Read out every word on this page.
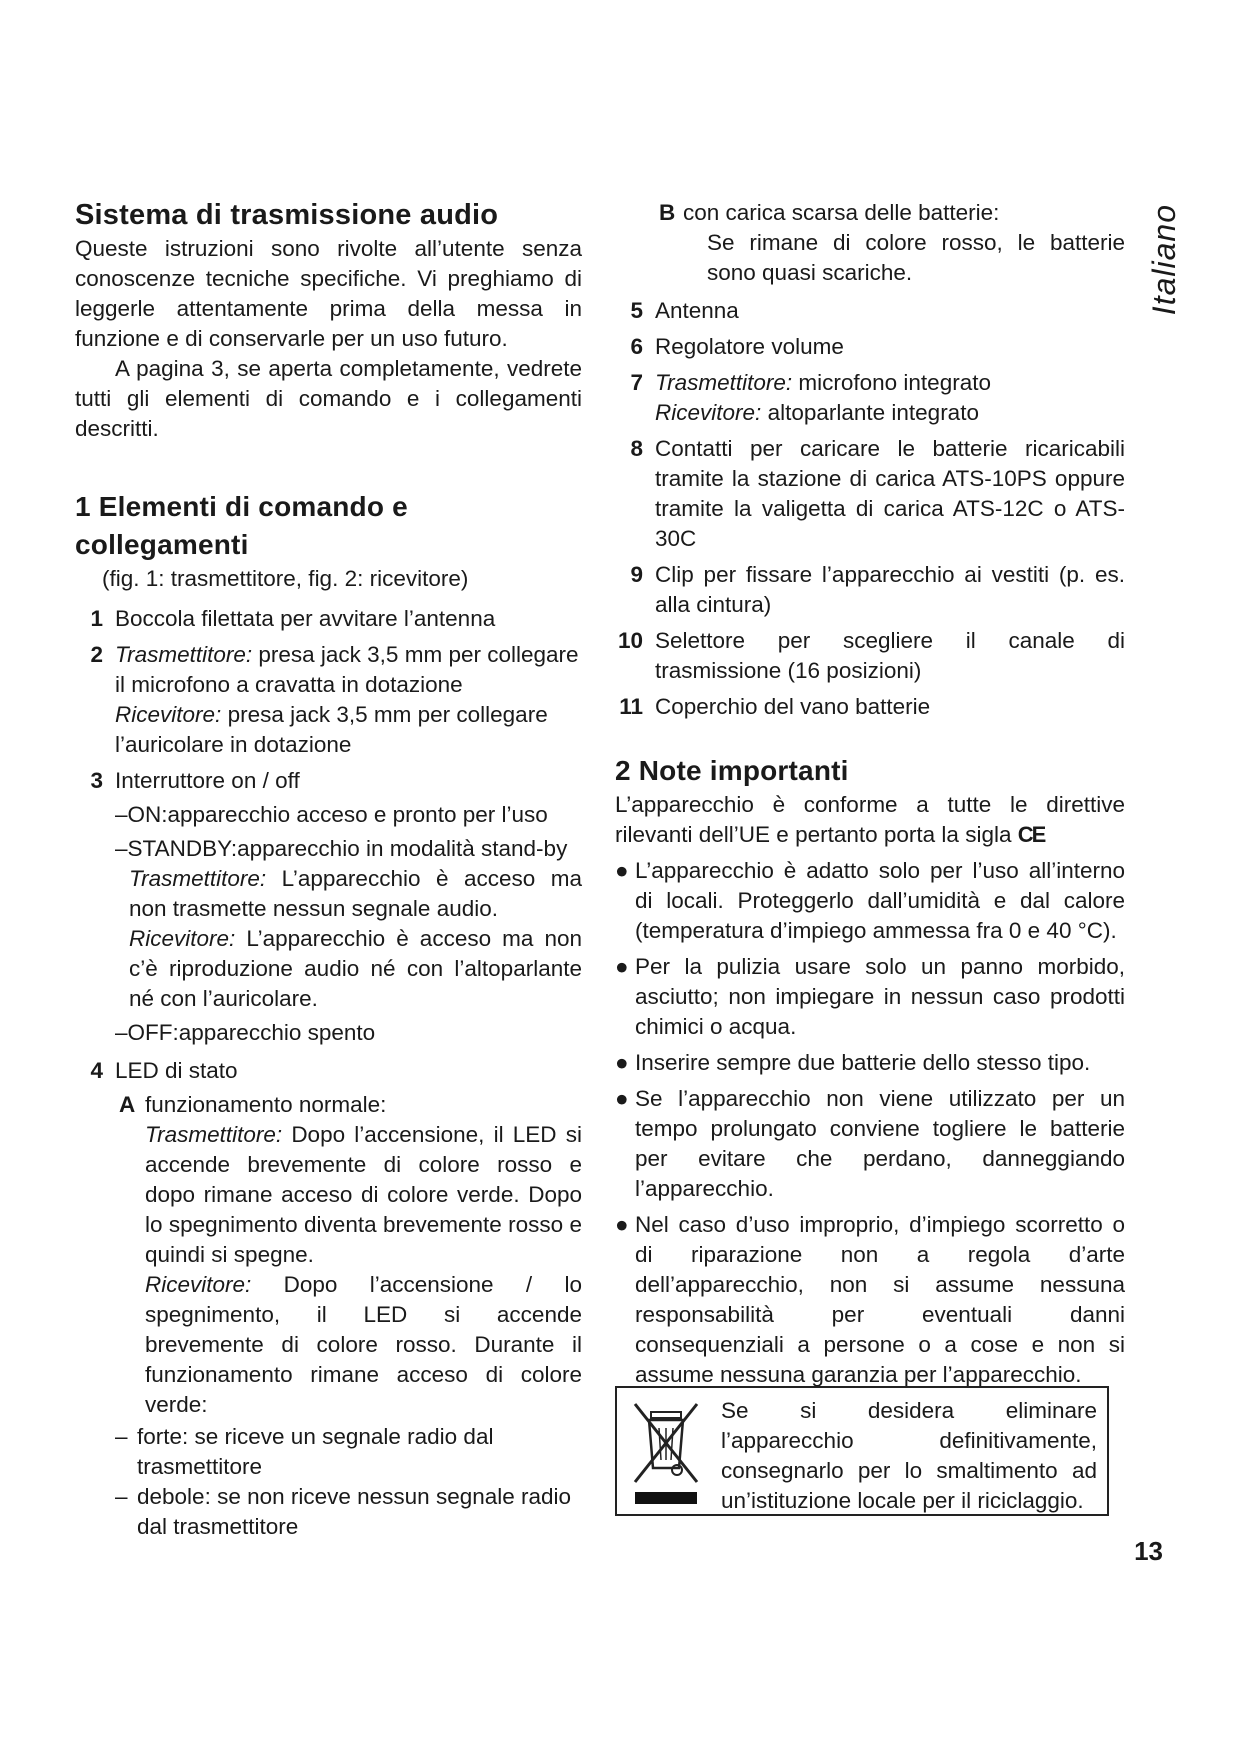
Italiano
Sistema di trasmissione audio

Queste istruzioni sono rivolte all’utente senza conoscenze tecniche specifiche. Vi preghiamo di leggerle attentamente prima della messa in funzione e di conservarle per un uso futuro.

A pagina 3, se aperta completamente, vedrete tutti gli elementi di comando e i collegamenti descritti.

1 Elementi di comando e collegamenti
(fig. 1: trasmettitore, fig. 2: ricevitore)
1 Boccola filettata per avvitare l’antenna
2 Trasmettitore: presa jack 3,5 mm per collegare il microfono a cravatta in dotazione
Ricevitore: presa jack 3,5 mm per collegare l’auricolare in dotazione
3 Interruttore on / off
–ON:apparecchio acceso e pronto per l’uso
–STANDBY:apparecchio in modalità stand-by

Trasmettitore: L’apparecchio è acceso ma non trasmette nessun segnale audio.

Ricevitore: L’apparecchio è acceso ma non c’è riproduzione audio né con l’altoparlante né con l’auricolare.

–OFF:apparecchio spento
4 LED di stato
A funzionamento normale:

Trasmettitore: Dopo l’accensione, il LED si accende brevemente di colore rosso e dopo rimane acceso di colore verde. Dopo lo spegnimento diventa brevemente rosso e quindi si spegne.

Ricevitore: Dopo l’accensione / lo spegnimento, il LED si accende brevemente di colore rosso. Durante il funzionamento rimane acceso di colore verde:

– forte: se riceve un segnale radio dal trasmettitore
– debole: se non riceve nessun segnale radio dal trasmettitore
B con carica scarsa delle batterie:

Se rimane di colore rosso, le batterie sono quasi scariche.

5 Antenna
6 Regolatore volume
7 Trasmettitore: microfono integrato
Ricevitore: altoparlante integrato
8 Contatti per caricare le batterie ricaricabili tramite la stazione di carica ATS-10PS oppure tramite la valigetta di carica ATS-12C o ATS-30C

9 Clip per fissare l’apparecchio ai vestiti (p. es. alla cintura)

10 Selettore per scegliere il canale di trasmissione (16 posizioni)

11 Coperchio del vano batterie
2 Note importanti

L’apparecchio è conforme a tutte le direttive rilevanti dell’UE e pertanto porta la sigla CE

● L’apparecchio è adatto solo per l’uso all’interno di locali. Proteggerlo dall’umidità e dal calore (temperatura d’impiego ammessa fra 0 e 40 °C).
● Per la pulizia usare solo un panno morbido, asciutto; non impiegare in nessun caso prodotti chimici o acqua.
● Inserire sempre due batterie dello stesso tipo.
● Se l’apparecchio non viene utilizzato per un tempo prolungato conviene togliere le batterie per evitare che perdano, danneggiando l’apparecchio.
● Nel caso d’uso improprio, d’impiego scorretto o di riparazione non a regola d’arte dell’apparecchio, non si assume nessuna responsabilità per eventuali danni consequenziali a persone o a cose e non si assume nessuna garanzia per l’apparecchio.
Se si desidera eliminare l’apparecchio definitivamente, consegnarlo per lo smaltimento ad un’istituzione locale per il riciclaggio.
13
